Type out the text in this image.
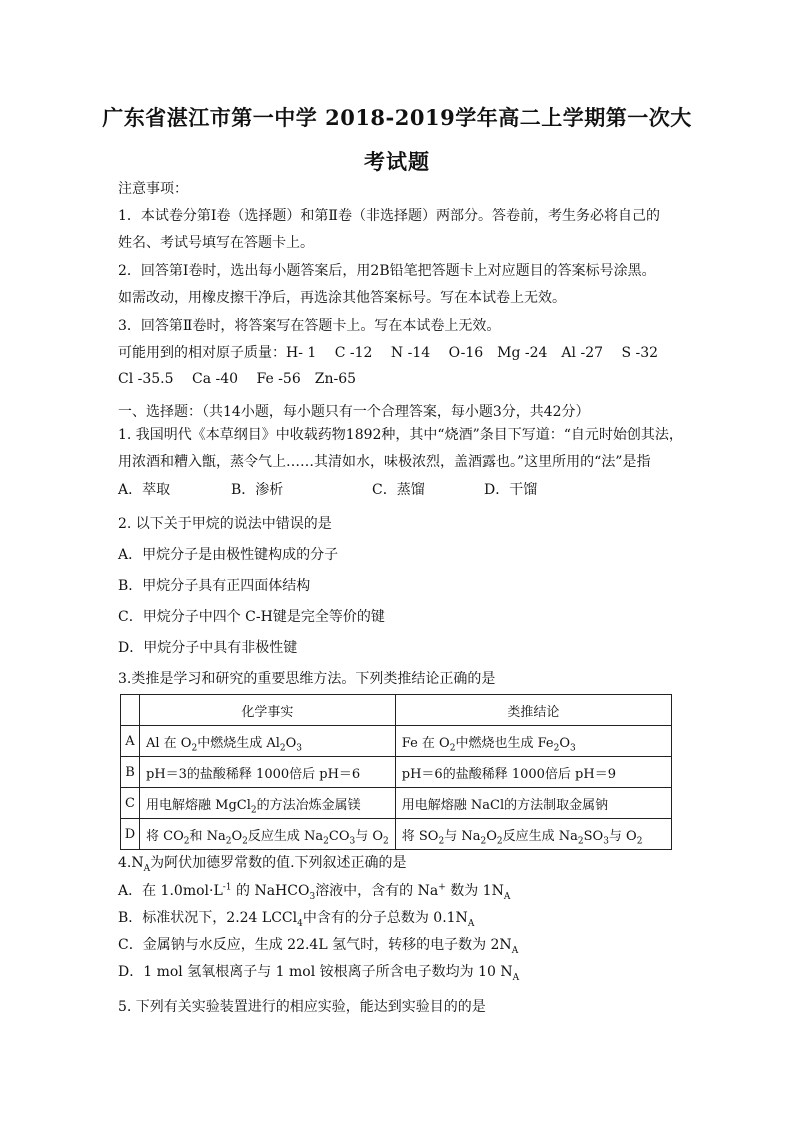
广东省湛江市第一中学 2018-2019学年高二上学期第一次大
考试题
注意事项：
1．本试卷分第Ⅰ卷（选择题）和第Ⅱ卷（非选择题）两部分。答卷前，考生务必将自己的
姓名、考试号填写在答题卡上。
2．回答第Ⅰ卷时，选出每小题答案后，用2B铅笔把答题卡上对应题目的答案标号涂黑。
如需改动，用橡皮擦干净后，再选涂其他答案标号。写在本试卷上无效。
3．回答第Ⅱ卷时，将答案写在答题卡上。写在本试卷上无效。
可能用到的相对原子质量：H- 1　 C -12　 N -14　 O-16　Mg -24　Al -27　 S -32
Cl -35.5　 Ca -40　 Fe -56　Zn-65
一、选择题：（共14小题，每小题只有一个合理答案，每小题3分，共42分）
1. 我国明代《本草纲目》中收载药物1892种，其中“烧酒”条目下写道：“自元时始创其法，
用浓酒和糟入甑，蒸令气上……其清如水，味极浓烈，盖酒露也。”这里所用的“法”是指
A．萃取	B．渗析	C．蒸馏	D．干馏
2. 以下关于甲烷的说法中错误的是
A．甲烷分子是由极性键构成的分子
B．甲烷分子具有正四面体结构
C．甲烷分子中四个 C-H键是完全等价的键
D．甲烷分子中具有非极性键
3.类推是学习和研究的重要思维方法。下列类推结论正确的是
	化学事实	类推结论
A	Al 在 $O_2$中燃烧生成 $Al_2O_3$	Fe 在 $O_2$中燃烧也生成 $Fe_2O_3$
B	pH＝3的盐酸稀释 1000倍后 pH＝6	pH＝6的盐酸稀释 1000倍后 pH＝9
C	用电解熔融 MgCl$_2$的方法冶炼金属镁	用电解熔融 NaCl的方法制取金属钠
D	将 $CO_2$和 $Na_2O_2$反应生成 $Na_2CO_3$与 $O_2$	将 $SO_2$与 $Na_2O_2$反应生成 $Na_2SO_3$与 $O_2$
$4.N_A$为阿伏加德罗常数的值.下列叙述正确的是
A．在 $1.0mol\cdot L^{-1}$ 的 NaHCO$_3$溶液中，含有的 Na+ 数为 $1N_A$
B．标准状况下，2.24 LCCl$_4$中含有的分子总数为 $0.1N_A$
C．金属钠与水反应，生成 22.4L 氢气时，转移的电子数为 $2N_A$
D．1 mol 氢氧根离子与 1 mol 铵根离子所含电子数均为 10 $N_A$
5. 下列有关实验装置进行的相应实验，能达到实验目的的是
